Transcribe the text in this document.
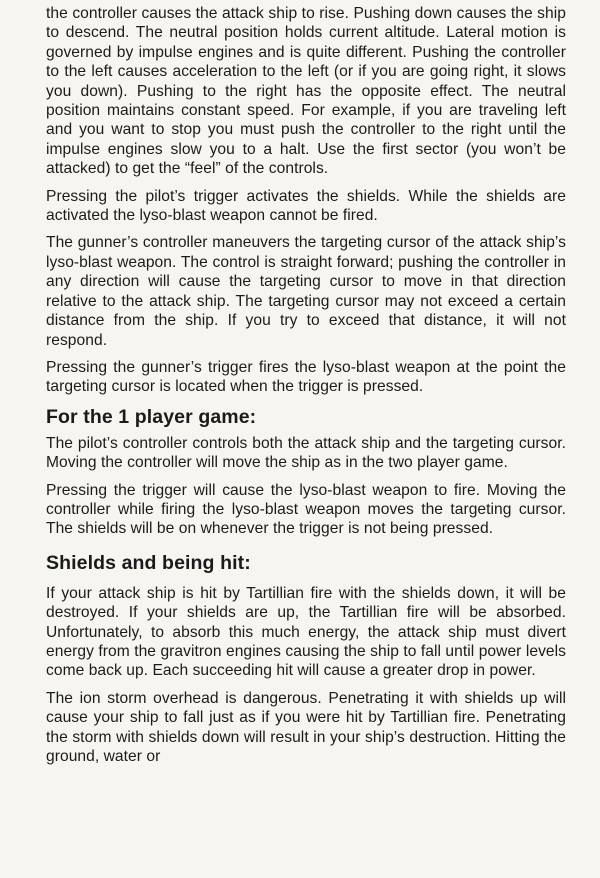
the controller causes the attack ship to rise. Pushing down causes the ship to descend. The neutral position holds current altitude. Lateral motion is governed by impulse engines and is quite different. Pushing the controller to the left causes acceleration to the left (or if you are going right, it slows you down). Pushing to the right has the opposite effect. The neutral position maintains constant speed. For example, if you are traveling left and you want to stop you must push the controller to the right until the impulse engines slow you to a halt. Use the first sector (you won’t be attacked) to get the “feel” of the controls.

Pressing the pilot’s trigger activates the shields. While the shields are activated the lyso-blast weapon cannot be fired.

The gunner’s controller maneuvers the targeting cursor of the attack ship’s lyso-blast weapon. The control is straight forward; pushing the controller in any direction will cause the targeting cursor to move in that direction relative to the attack ship. The targeting cursor may not exceed a certain distance from the ship. If you try to exceed that distance, it will not respond.

Pressing the gunner’s trigger fires the lyso-blast weapon at the point the targeting cursor is located when the trigger is pressed.

For the 1 player game:

The pilot’s controller controls both the attack ship and the targeting cursor. Moving the controller will move the ship as in the two player game.

Pressing the trigger will cause the lyso-blast weapon to fire. Moving the controller while firing the lyso-blast weapon moves the targeting cursor. The shields will be on whenever the trigger is not being pressed.

Shields and being hit:

If your attack ship is hit by Tartillian fire with the shields down, it will be destroyed. If your shields are up, the Tartillian fire will be absorbed. Unfortunately, to absorb this much energy, the attack ship must divert energy from the gravitron engines causing the ship to fall until power levels come back up. Each succeeding hit will cause a greater drop in power.

The ion storm overhead is dangerous. Penetrating it with shields up will cause your ship to fall just as if you were hit by Tartillian fire. Penetrating the storm with shields down will result in your ship’s destruction. Hitting the ground, water or
